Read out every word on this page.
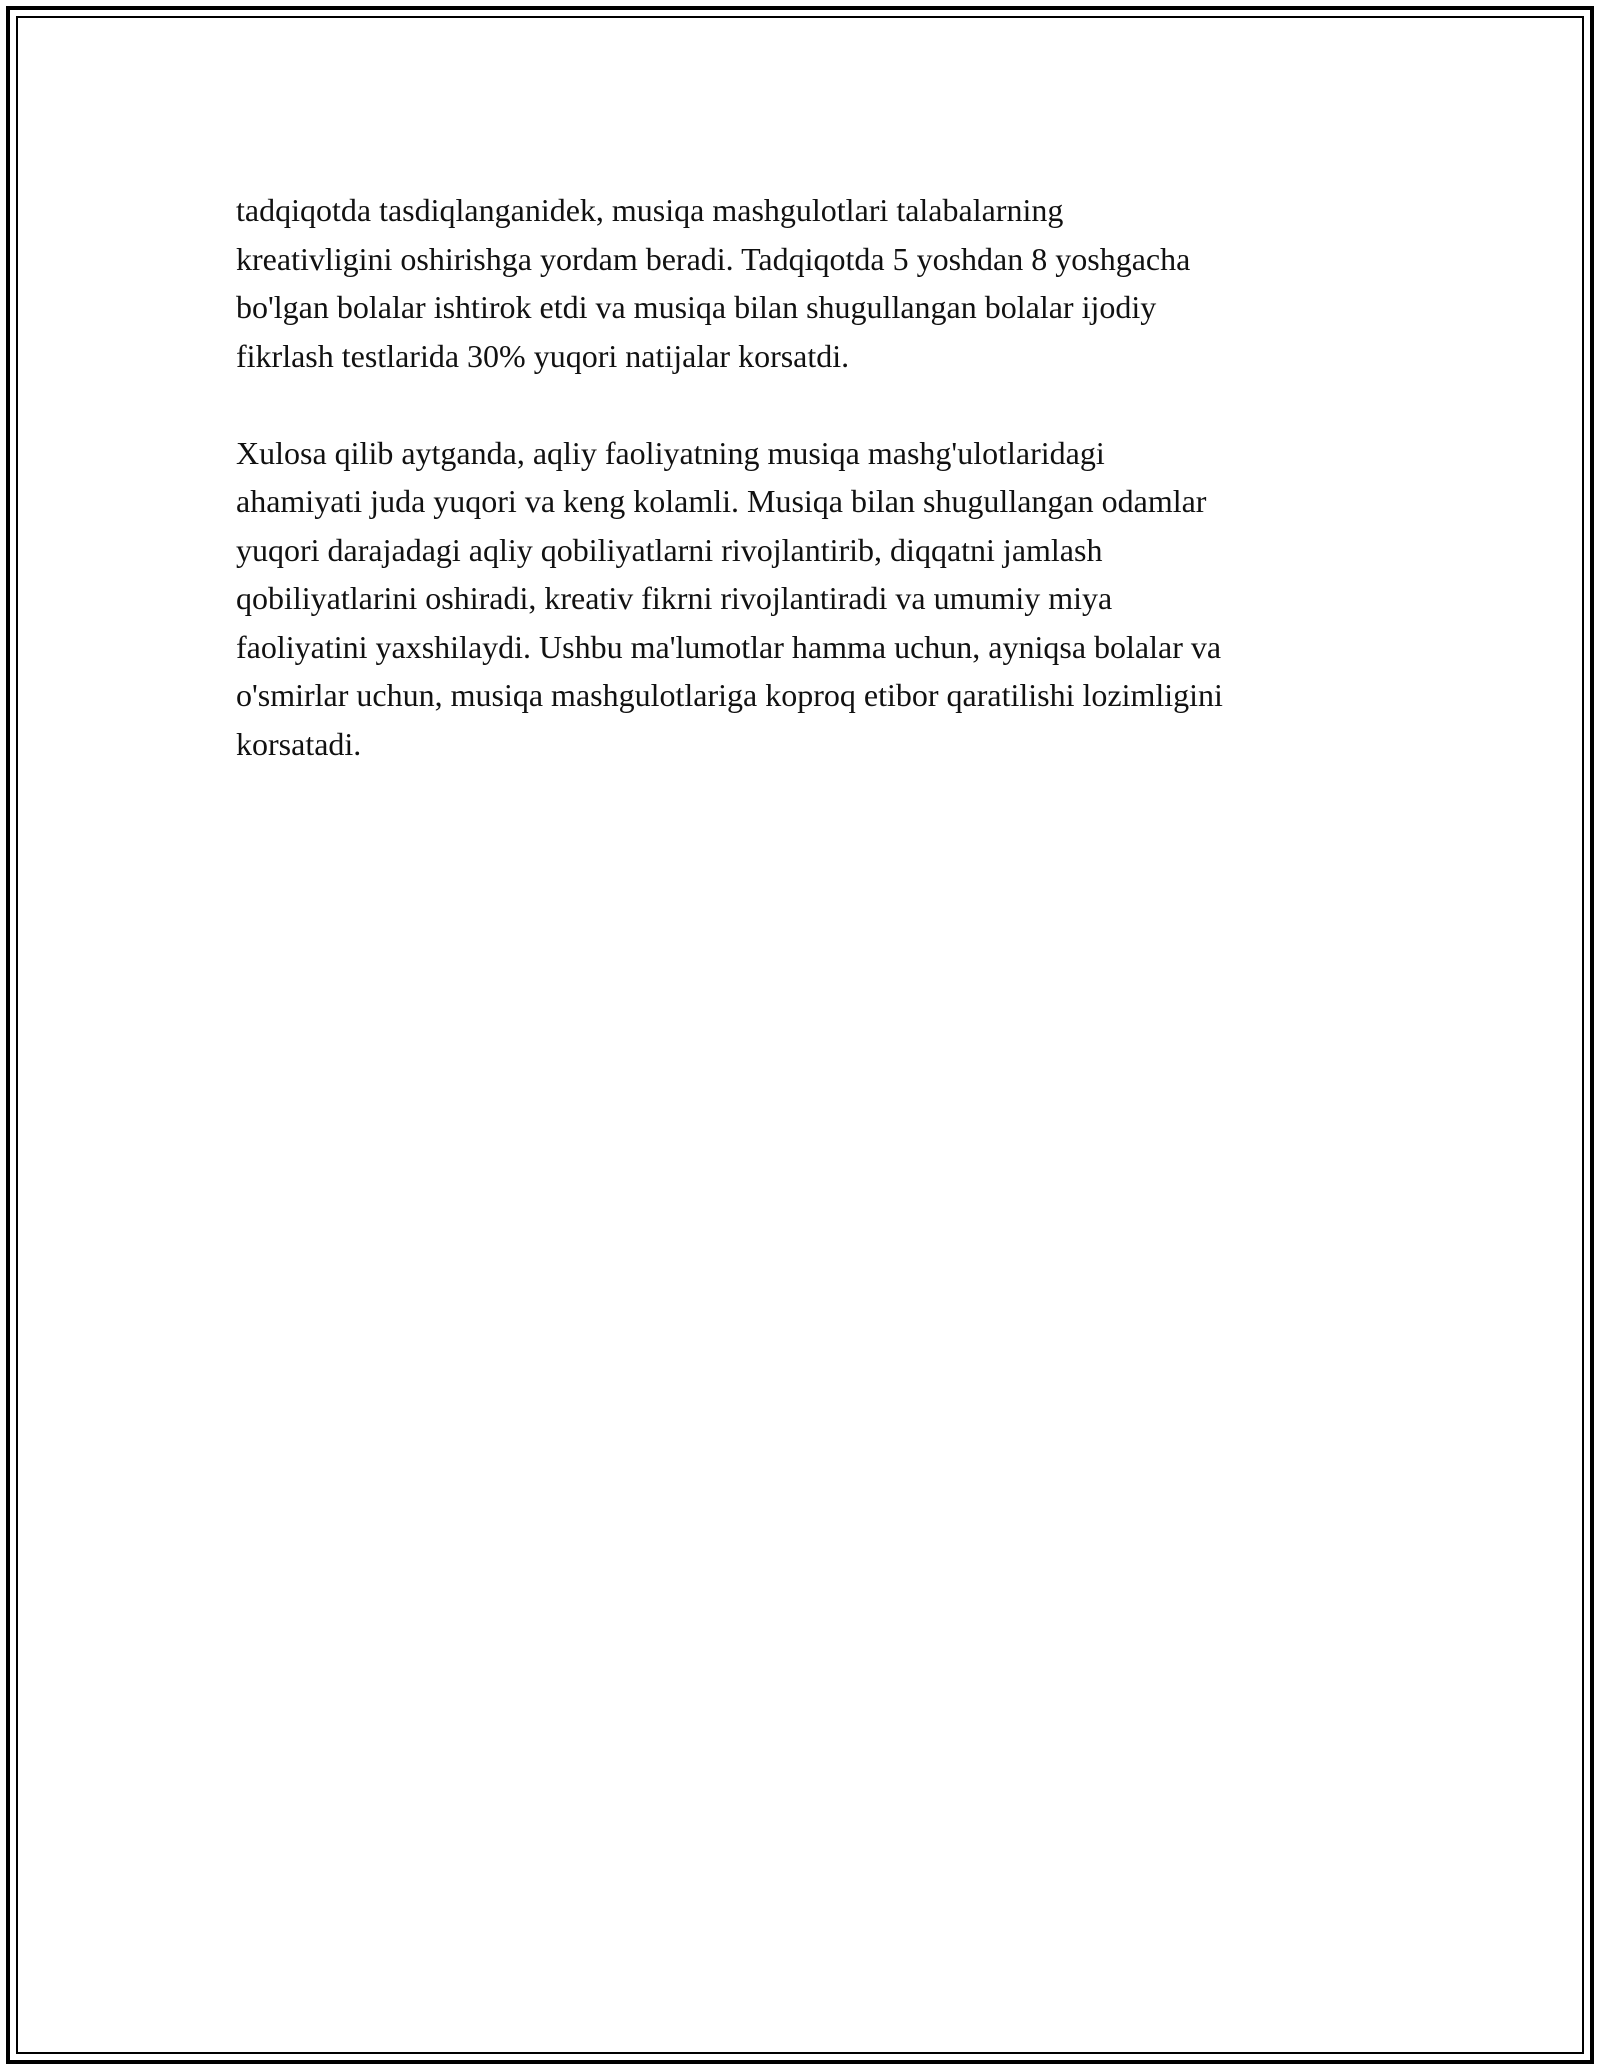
tadqiqotda tasdiqlanganidek, musiqa mashgulotlari talabalarning
kreativligini oshirishga yordam beradi. Tadqiqotda 5 yoshdan 8 yoshgacha
bo'lgan bolalar ishtirok etdi va musiqa bilan shugullangan bolalar ijodiy
fikrlash testlarida 30% yuqori natijalar korsatdi.

Xulosa qilib aytganda, aqliy faoliyatning musiqa mashg'ulotlaridagi
ahamiyati juda yuqori va keng kolamli. Musiqa bilan shugullangan odamlar
yuqori darajadagi aqliy qobiliyatlarni rivojlantirib, diqqatni jamlash
qobiliyatlarini oshiradi, kreativ fikrni rivojlantiradi va umumiy miya
faoliyatini yaxshilaydi. Ushbu ma'lumotlar hamma uchun, ayniqsa bolalar va
o'smirlar uchun, musiqa mashgulotlariga koproq etibor qaratilishi lozimligini
korsatadi.
